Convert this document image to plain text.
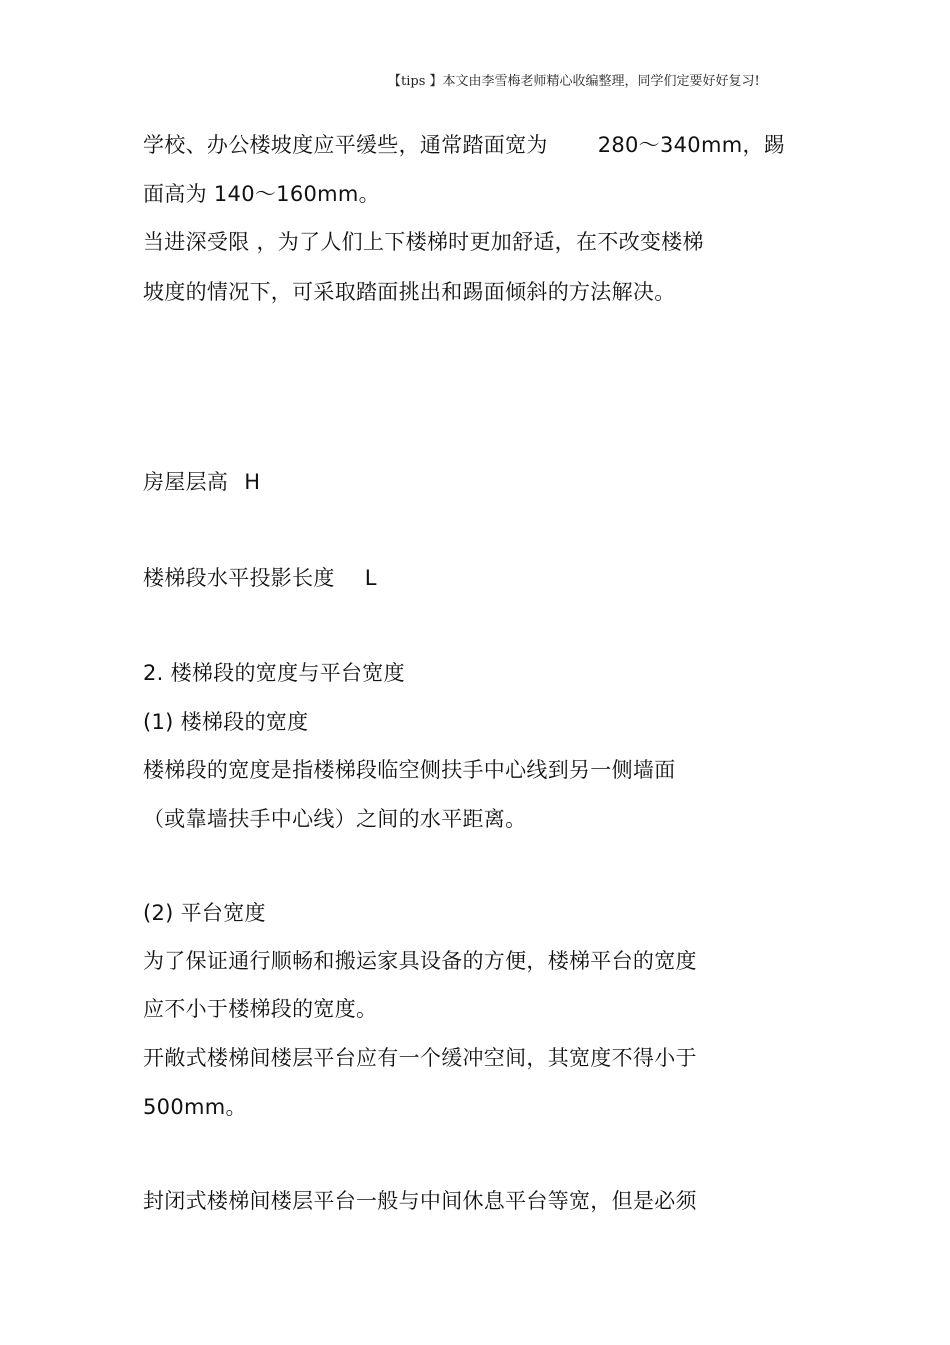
【tips 】本文由李雪梅老师精心收编整理，同学们定要好好复习!
学校、办公楼坡度应平缓些，通常踏面宽为 280～340mm，踢
面高为 140～160mm。
当进深受限 ，为了人们上下楼梯时更加舒适，在不改变楼梯
坡度的情况下，可采取踏面挑出和踢面倾斜的方法解决。
房屋层高 H
楼梯段水平投影长度 L
2. 楼梯段的宽度与平台宽度
(1) 楼梯段的宽度
楼梯段的宽度是指楼梯段临空侧扶手中心线到另一侧墙面
（或靠墙扶手中心线）之间的水平距离。
(2) 平台宽度
为了保证通行顺畅和搬运家具设备的方便，楼梯平台的宽度
应不小于楼梯段的宽度。
开敞式楼梯间楼层平台应有一个缓冲空间，其宽度不得小于
500mm。
封闭式楼梯间楼层平台一般与中间休息平台等宽，但是必须
